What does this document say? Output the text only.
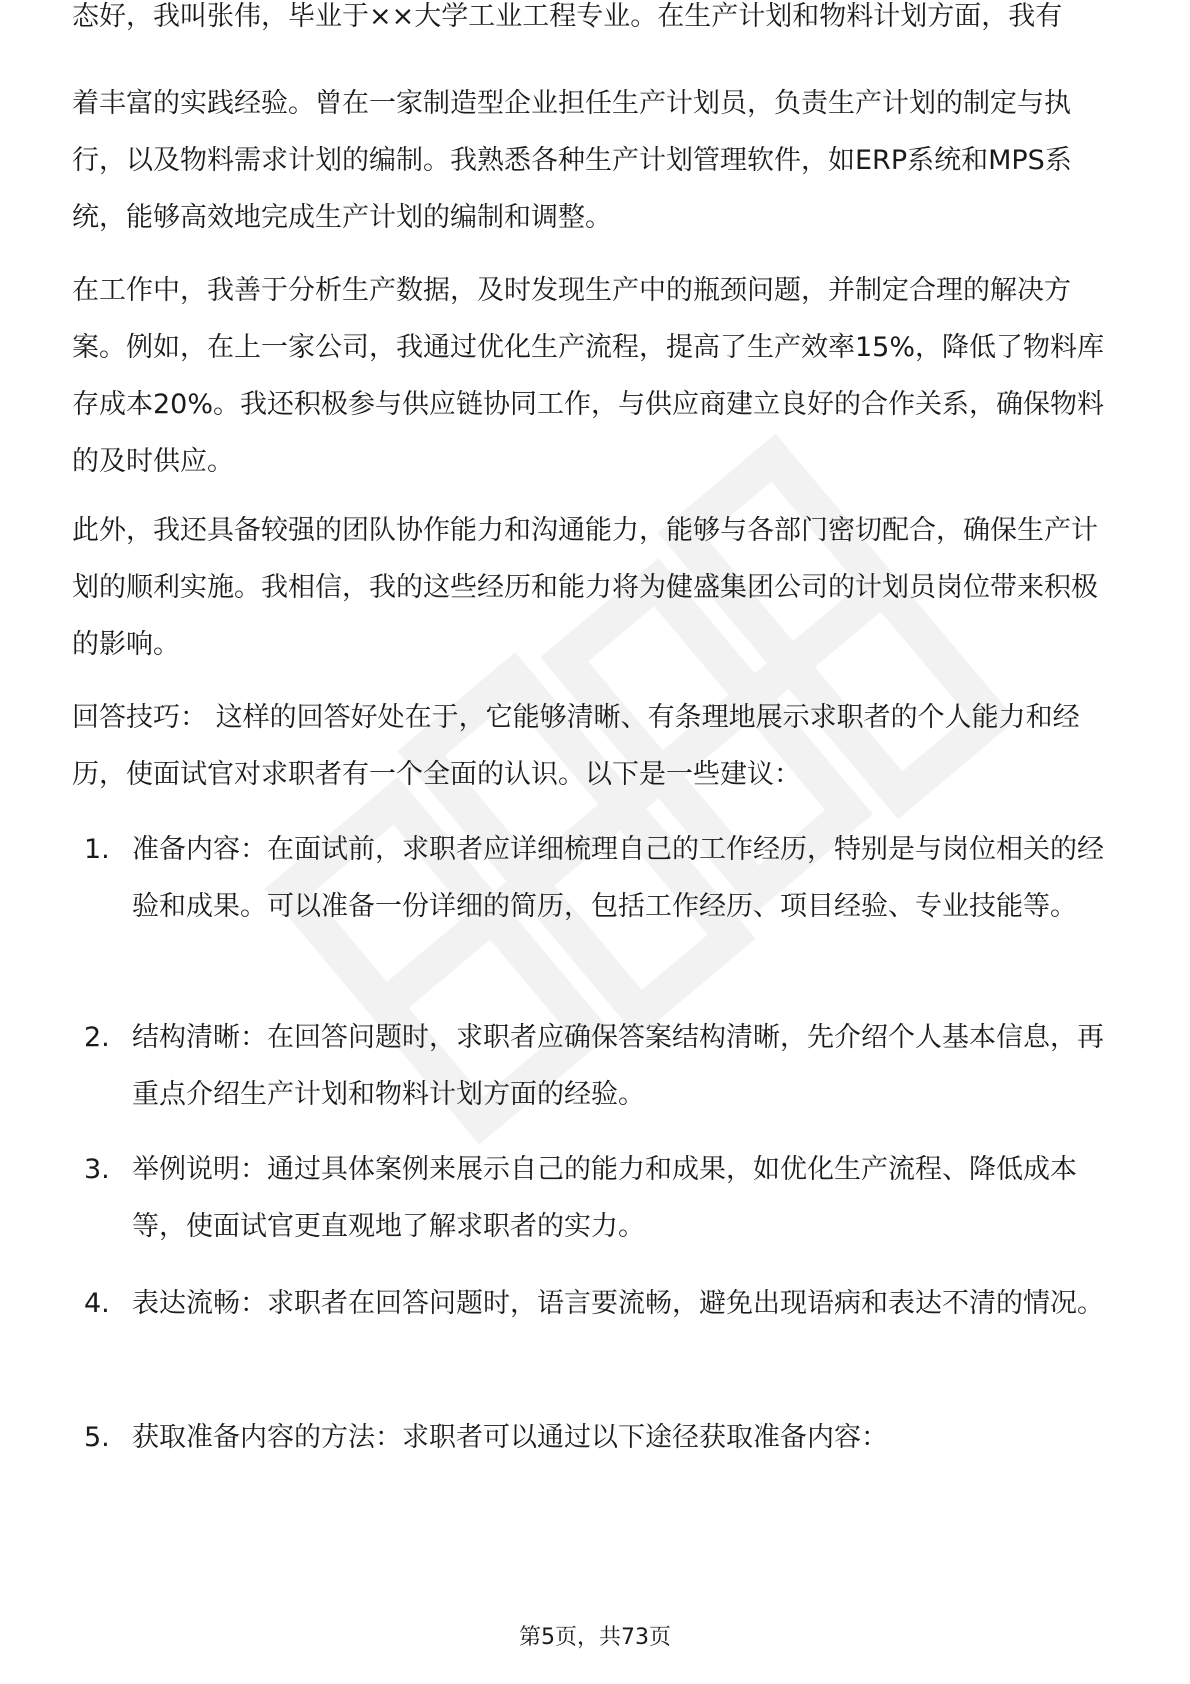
态好，我叫张伟，毕业于××大学工业工程专业。在生产计划和物料计划方面，我有

着丰富的实践经验。曾在一家制造型企业担任生产计划员，负责生产计划的制定与执行，以及物料需求计划的编制。我熟悉各种生产计划管理软件，如ERP系统和MPS系统，能够高效地完成生产计划的编制和调整。

在工作中，我善于分析生产数据，及时发现生产中的瓶颈问题，并制定合理的解决方案。例如，在上一家公司，我通过优化生产流程，提高了生产效率15%，降低了物料库存成本20%。我还积极参与供应链协同工作，与供应商建立良好的合作关系，确保物料的及时供应。

此外，我还具备较强的团队协作能力和沟通能力，能够与各部门密切配合，确保生产计划的顺利实施。我相信，我的这些经历和能力将为健盛集团公司的计划员岗位带来积极的影响。

回答技巧： 这样的回答好处在于，它能够清晰、有条理地展示求职者的个人能力和经历，使面试官对求职者有一个全面的认识。以下是一些建议：

1. 准备内容：在面试前，求职者应详细梳理自己的工作经历，特别是与岗位相关的经验和成果。可以准备一份详细的简历，包括工作经历、项目经验、专业技能等。
2. 结构清晰：在回答问题时，求职者应确保答案结构清晰，先介绍个人基本信息，再重点介绍生产计划和物料计划方面的经验。
3. 举例说明：通过具体案例来展示自己的能力和成果，如优化生产流程、降低成本等，使面试官更直观地了解求职者的实力。
4. 表达流畅：求职者在回答问题时，语言要流畅，避免出现语病和表达不清的情况。
5. 获取准备内容的方法：求职者可以通过以下途径获取准备内容：
第5页，共73页
